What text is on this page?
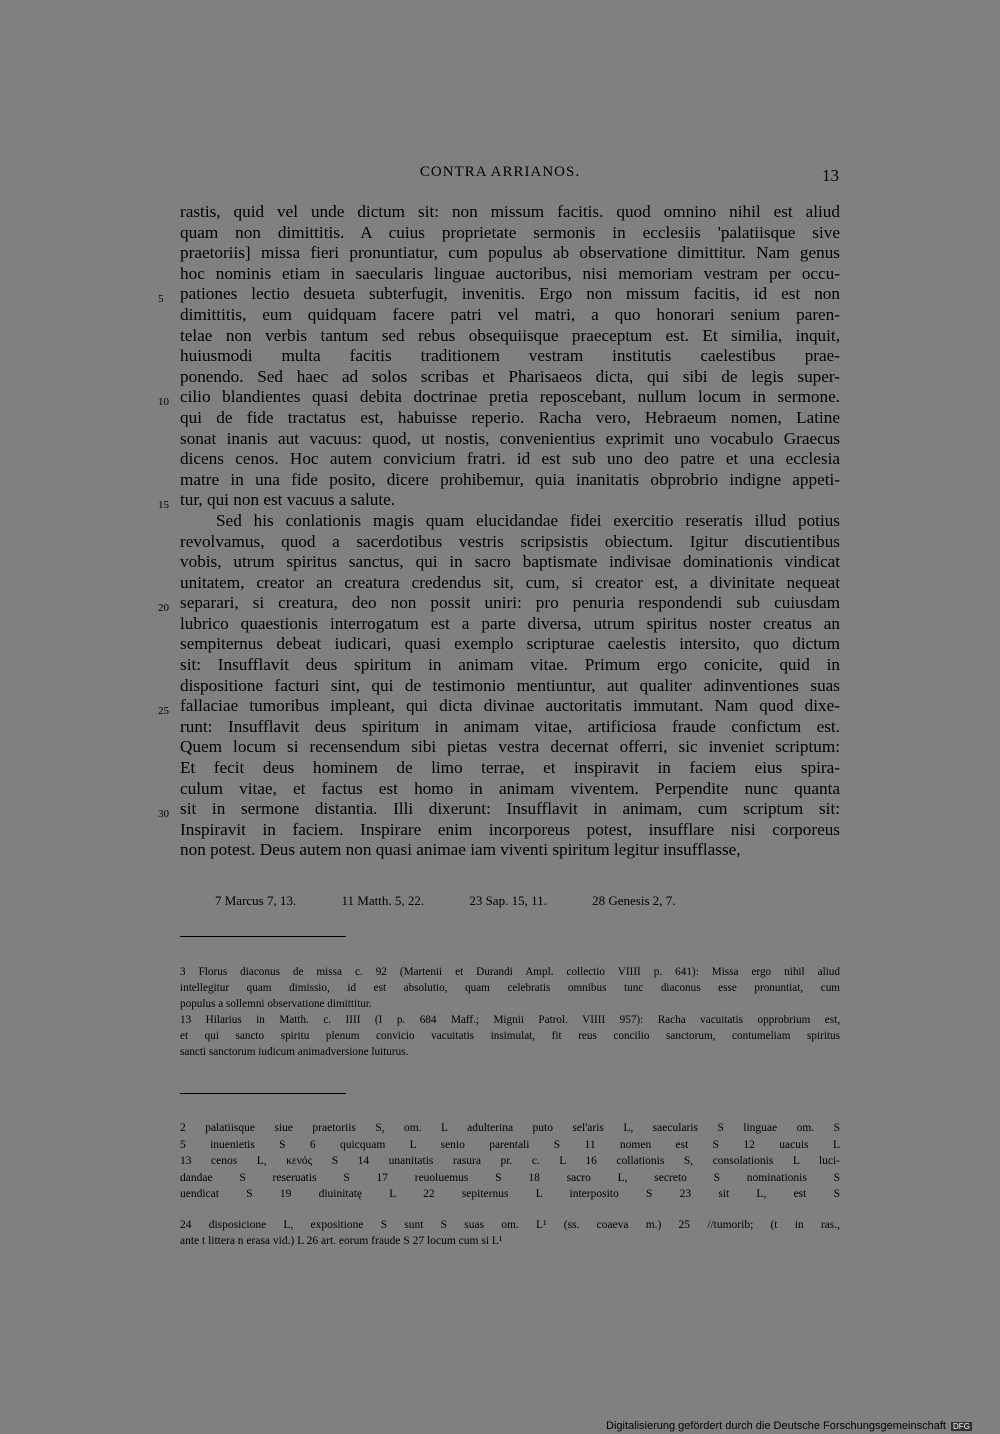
CONTRA ARRIANOS.	13
rastis, quid vel unde dictum sit: non missum facitis. quod omnino nihil est aliud
quam non dimittitis. A cuius proprietate sermonis in ecclesiis 'palatiisque sive
praetoriis] missa fieri pronuntiatur, cum populus ab observatione dimittitur. Nam genus
hoc nominis etiam in saecularis linguae auctoribus, nisi memoriam vestram per occu-
pationes lectio desueta subterfugit, invenitis. Ergo non missum facitis, id est non
dimittitis, eum quidquam facere patri vel matri, a quo honorari senium paren-
telae non verbis tantum sed rebus obsequiisque praeceptum est. Et similia, inquit,
huiusmodi multa facitis traditionem vestram institutis caelestibus prae-
ponendo. Sed haec ad solos scribas et Pharisaeos dicta, qui sibi de legis super-
cilio blandientes quasi debita doctrinae pretia reposcebant, nullum locum in sermone.
qui de fide tractatus est, habuisse reperio. Racha vero, Hebraeum nomen, Latine
sonat inanis aut vacuus: quod, ut nostis, convenientius exprimit uno vocabulo Graecus
dicens cenos. Hoc autem convicium fratri. id est sub uno deo patre et una ecclesia
matre in una fide posito, dicere prohibemur, quia inanitatis obprobrio indigne appeti-
tur, qui non est vacuus a salute.
Sed his conlationis magis quam elucidandae fidei exercitio reseratis illud potius
revolvamus, quod a sacerdotibus vestris scripsistis obiectum. Igitur discutientibus
vobis, utrum spiritus sanctus, qui in sacro baptismate indivisae dominationis vindicat
unitatem, creator an creatura credendus sit, cum, si creator est, a divinitate nequeat
separari, si creatura, deo non possit uniri: pro penuria respondendi sub cuiusdam
lubrico quaestionis interrogatum est a parte diversa, utrum spiritus noster creatus an
sempiternus debeat iudicari, quasi exemplo scripturae caelestis intersito, quo dictum
sit: Insufflavit deus spiritum in animam vitae. Primum ergo conicite, quid in
dispositione facturi sint, qui de testimonio mentiuntur, aut qualiter adinventiones suas
fallaciae tumoribus impleant, qui dicta divinae auctoritatis immutant. Nam quod dixe-
runt: Insufflavit deus spiritum in animam vitae, artificiosa fraude confictum est.
Quem locum si recensendum sibi pietas vestra decernat offerri, sic inveniet scriptum:
Et fecit deus hominem de limo terrae, et inspiravit in faciem eius spira-
culum vitae, et factus est homo in animam viventem. Perpendite nunc quanta
sit in sermone distantia. Illi dixerunt: Insufflavit in animam, cum scriptum sit:
Inspiravit in faciem. Inspirare enim incorporeus potest, insufflare nisi corporeus
non potest. Deus autem non quasi animae iam viventi spiritum legitur insufflasse,
5
10
15
20
25
30
7 Marcus 7, 13.	11 Matth. 5, 22.	23 Sap. 15, 11.	28 Genesis 2, 7.
3 Florus diaconus de missa c. 92 (Martenii et Durandi Ampl. collectio VIIII p. 641): Missa ergo nihil aliud
intellegitur quam dimissio, id est absolutio, quam celebratis omnibus tunc diaconus esse pronuntiat, cum
populus a sollemni observatione dimittitur.
13 Hilarius in Matth. c. IIII (I p. 684 Maff.; Mignii Patrol. VIIII 957): Racha vacuitatis opprobrium est,
et qui sancto spiritu plenum convicio vacuitatis insimulat, fit reus concilio sanctorum, contumeliam spiritus
sancti sanctorum iudicum animadversione luiturus.
2 palatiisque siue praetoriis S, om. L adulterina puto sel'aris L, saecularis S linguae om. S
5 inuenietis S 6 quicquam L senio parentali S 11 nomen est S 12 uacuis L
13 cenos L, κενός S 14 unanitatis rasura pr. c. L 16 collationis S, consolationis L luci-
dandae S reseruatis S 17 reuoluemus S 18 sacro L, secreto S nominationis S
uendicat S 19 diuinitatę L 22 sepiternus L interposito S 23 sit L, est S
24 disposicione L, expositione S sunt S suas om. L¹ (ss. coaeva m.) 25 //tumorib; (t in ras.,
ante t littera n erasa vid.) L 26 art. eorum fraude S 27 locum cum si L¹
Digitalisierung gefördert durch die Deutsche Forschungsgemeinschaft DFG
